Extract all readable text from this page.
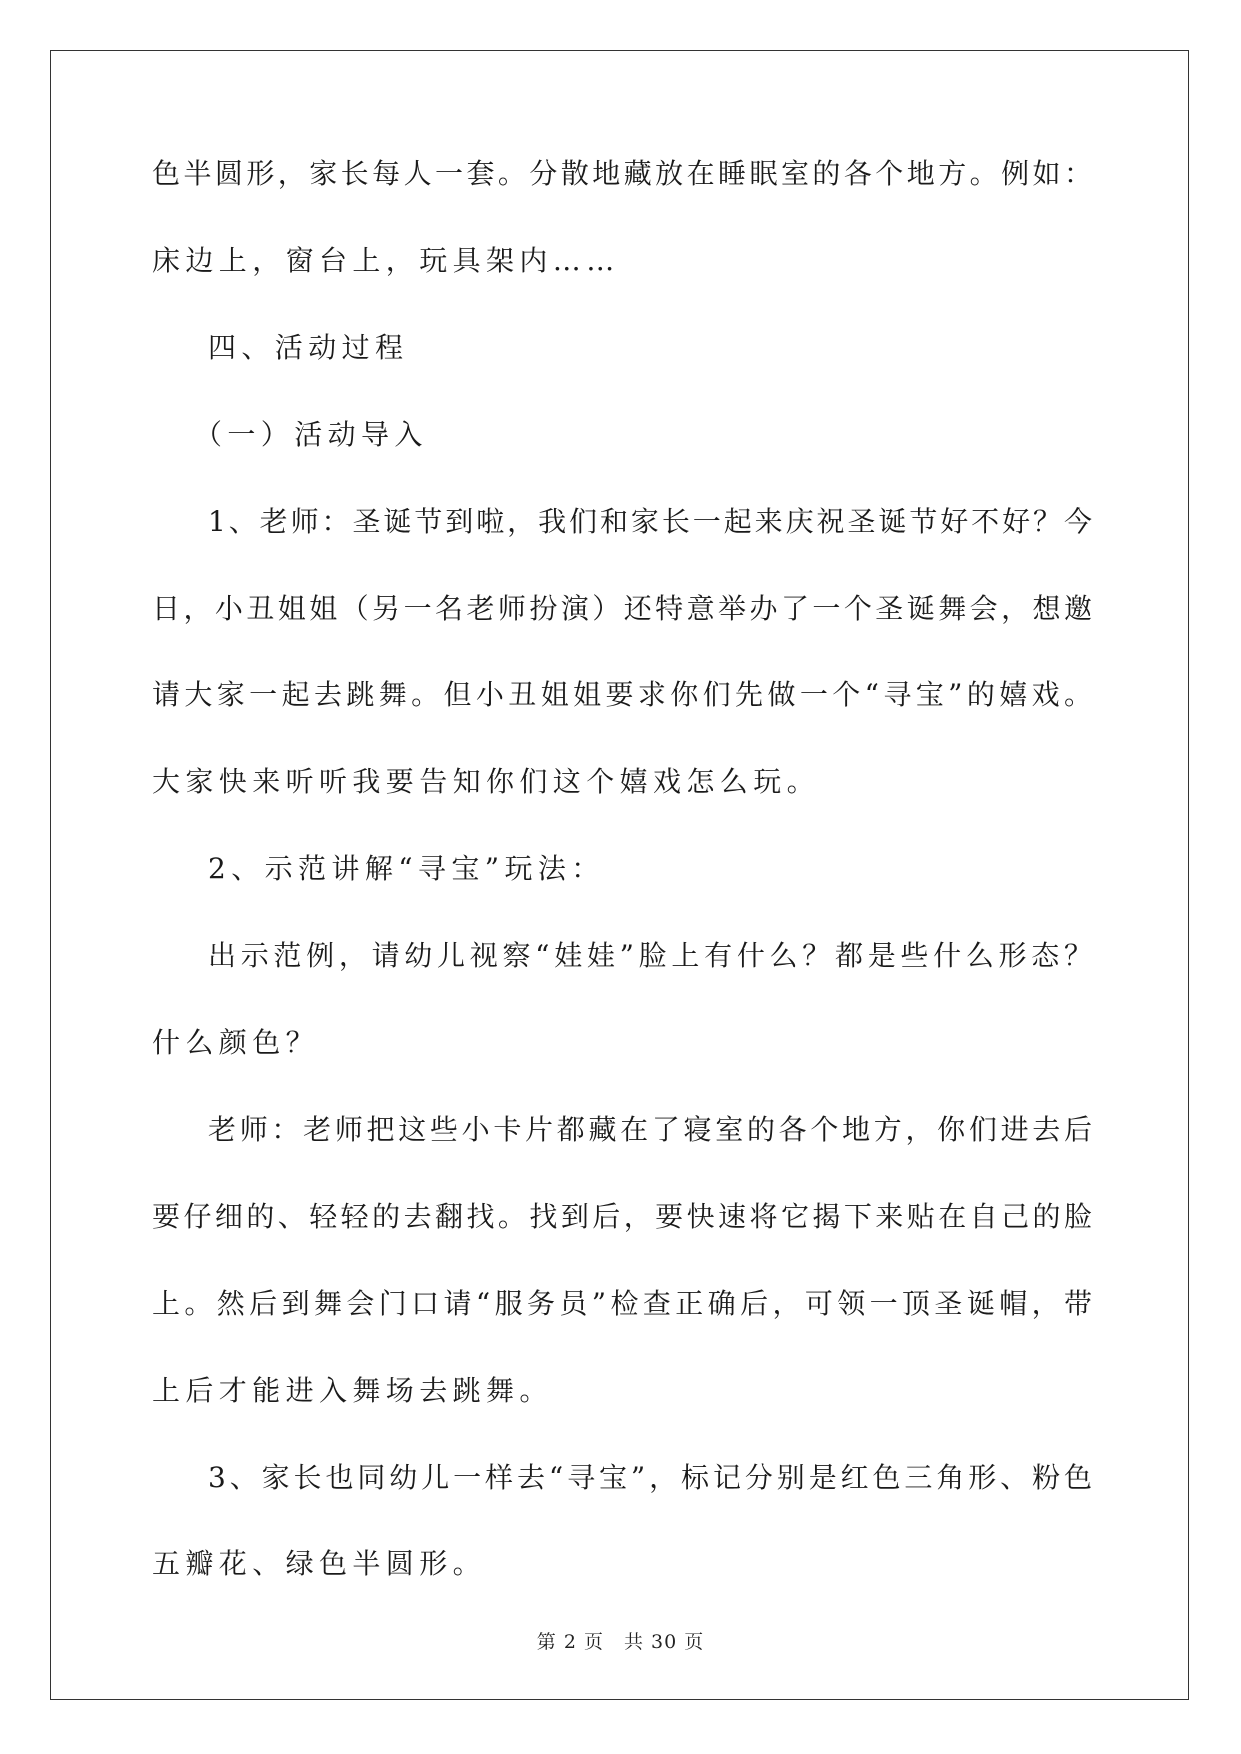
色半圆形，家长每人一套。分散地藏放在睡眠室的各个地方。例如：
床边上，窗台上，玩具架内……
四、活动过程
（一）活动导入
1、老师：圣诞节到啦，我们和家长一起来庆祝圣诞节好不好？今
日，小丑姐姐（另一名老师扮演）还特意举办了一个圣诞舞会，想邀
请大家一起去跳舞。但小丑姐姐要求你们先做一个“寻宝”的嬉戏。
大家快来听听我要告知你们这个嬉戏怎么玩。
2、示范讲解“寻宝”玩法：
出示范例，请幼儿视察“娃娃”脸上有什么？都是些什么形态？
什么颜色？
老师：老师把这些小卡片都藏在了寝室的各个地方，你们进去后
要仔细的、轻轻的去翻找。找到后，要快速将它揭下来贴在自己的脸
上。然后到舞会门口请“服务员”检查正确后，可领一顶圣诞帽，带
上后才能进入舞场去跳舞。
3、家长也同幼儿一样去“寻宝”，标记分别是红色三角形、粉色
五瓣花、绿色半圆形。
第 2 页 共 30 页
